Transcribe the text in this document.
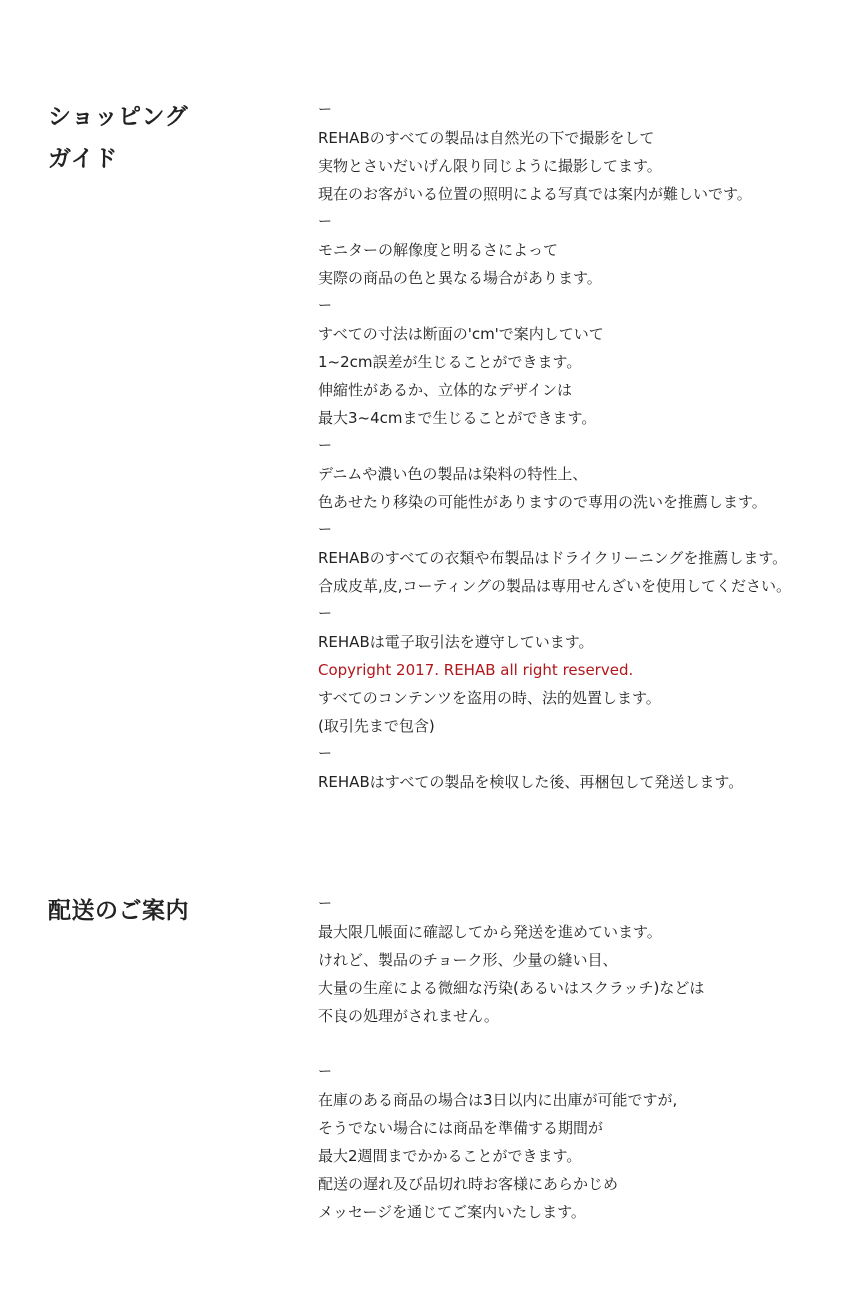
ショッピング
ガイド
ー
REHABのすべての製品は自然光の下で撮影をして
実物とさいだいげん限り同じように撮影してます。
現在のお客がいる位置の照明による写真では案内が難しいです。
ー
モニターの解像度と明るさによって
実際の商品の色と異なる場合があります。
ー
すべての寸法は断面の'cm'で案内していて
1~2cm誤差が生じることができます。
伸縮性があるか、立体的なデザインは
最大3~4cmまで生じることができます。
ー
デニムや濃い色の製品は染料の特性上、
色あせたり移染の可能性がありますので専用の洗いを推薦します。
ー
REHABのすべての衣類や布製品はドライクリーニングを推薦します。
合成皮革,皮,コーティングの製品は専用せんざいを使用してください。
ー
REHABは電子取引法を遵守しています。
Copyright 2017. REHAB all right reserved.
すべてのコンテンツを盗用の時、法的処置します。
(取引先まで包含)
ー
REHABはすべての製品を検収した後、再梱包して発送します。
配送のご案内	ー
最大限几帳面に確認してから発送を進めています。
けれど、製品のチョーク形、少量の縫い目、
大量の生産による微細な汚染(あるいはスクラッチ)などは
不良の処理がされません。
ー
在庫のある商品の場合は3日以内に出庫が可能ですが,
そうでない場合には商品を準備する期間が
最大2週間までかかることができます。
配送の遅れ及び品切れ時お客様にあらかじめ
メッセージを通じてご案内いたします。
